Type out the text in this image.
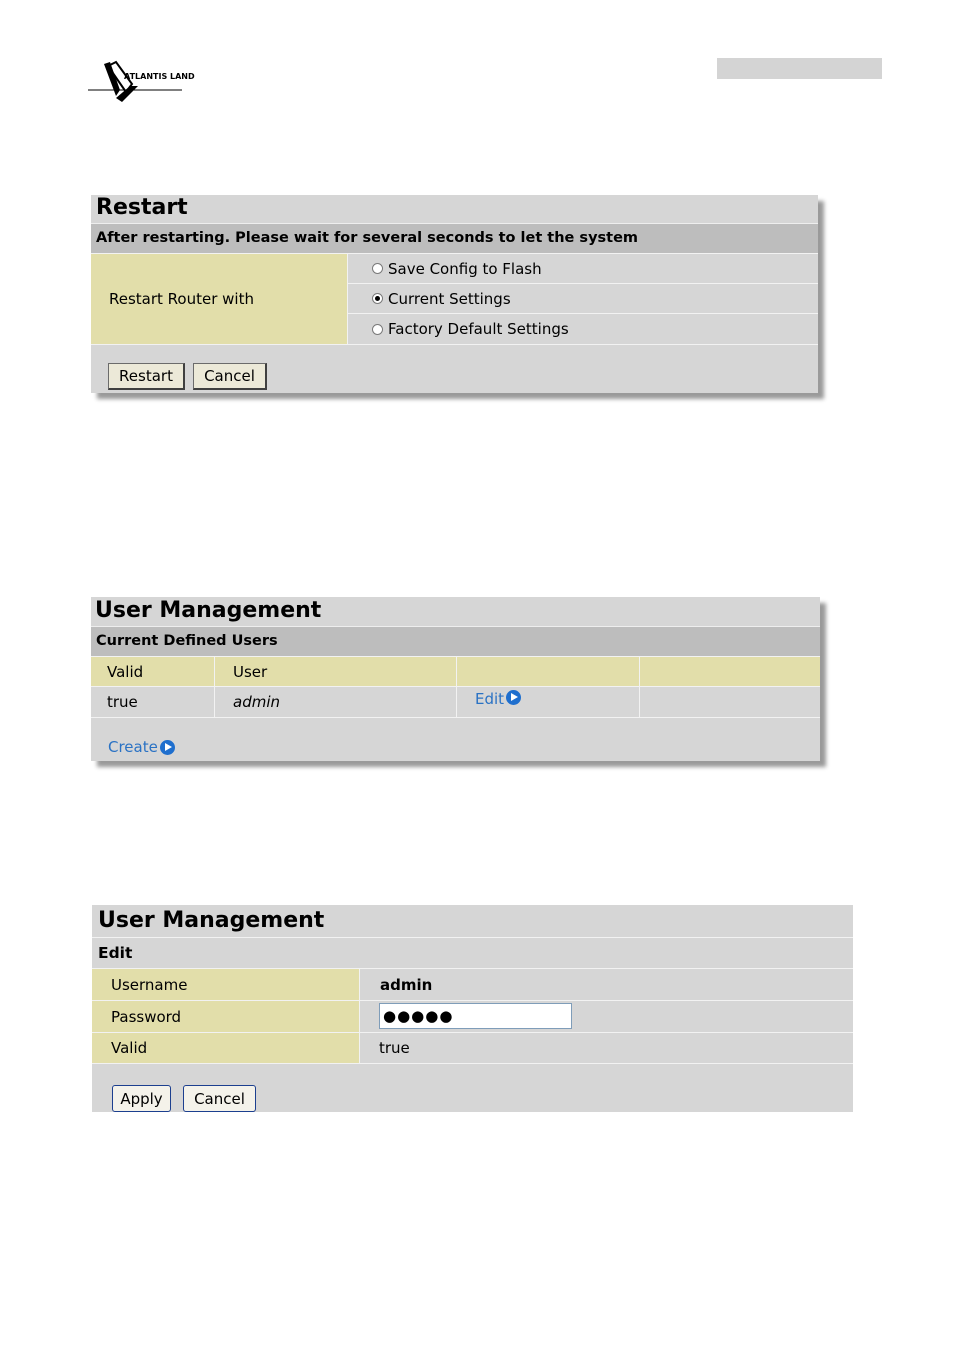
ATLANTIS LAND
Restart
After restarting. Please wait for several seconds to let the system
Restart Router with
Save Config to Flash
Current Settings
Factory Default Settings
Restart	Cancel
User Management
Current Defined Users
Valid	User
true	admin	Edit
Create
User Management
Edit
Username	admin
Password	●●●●●
Valid	true
Apply	Cancel
